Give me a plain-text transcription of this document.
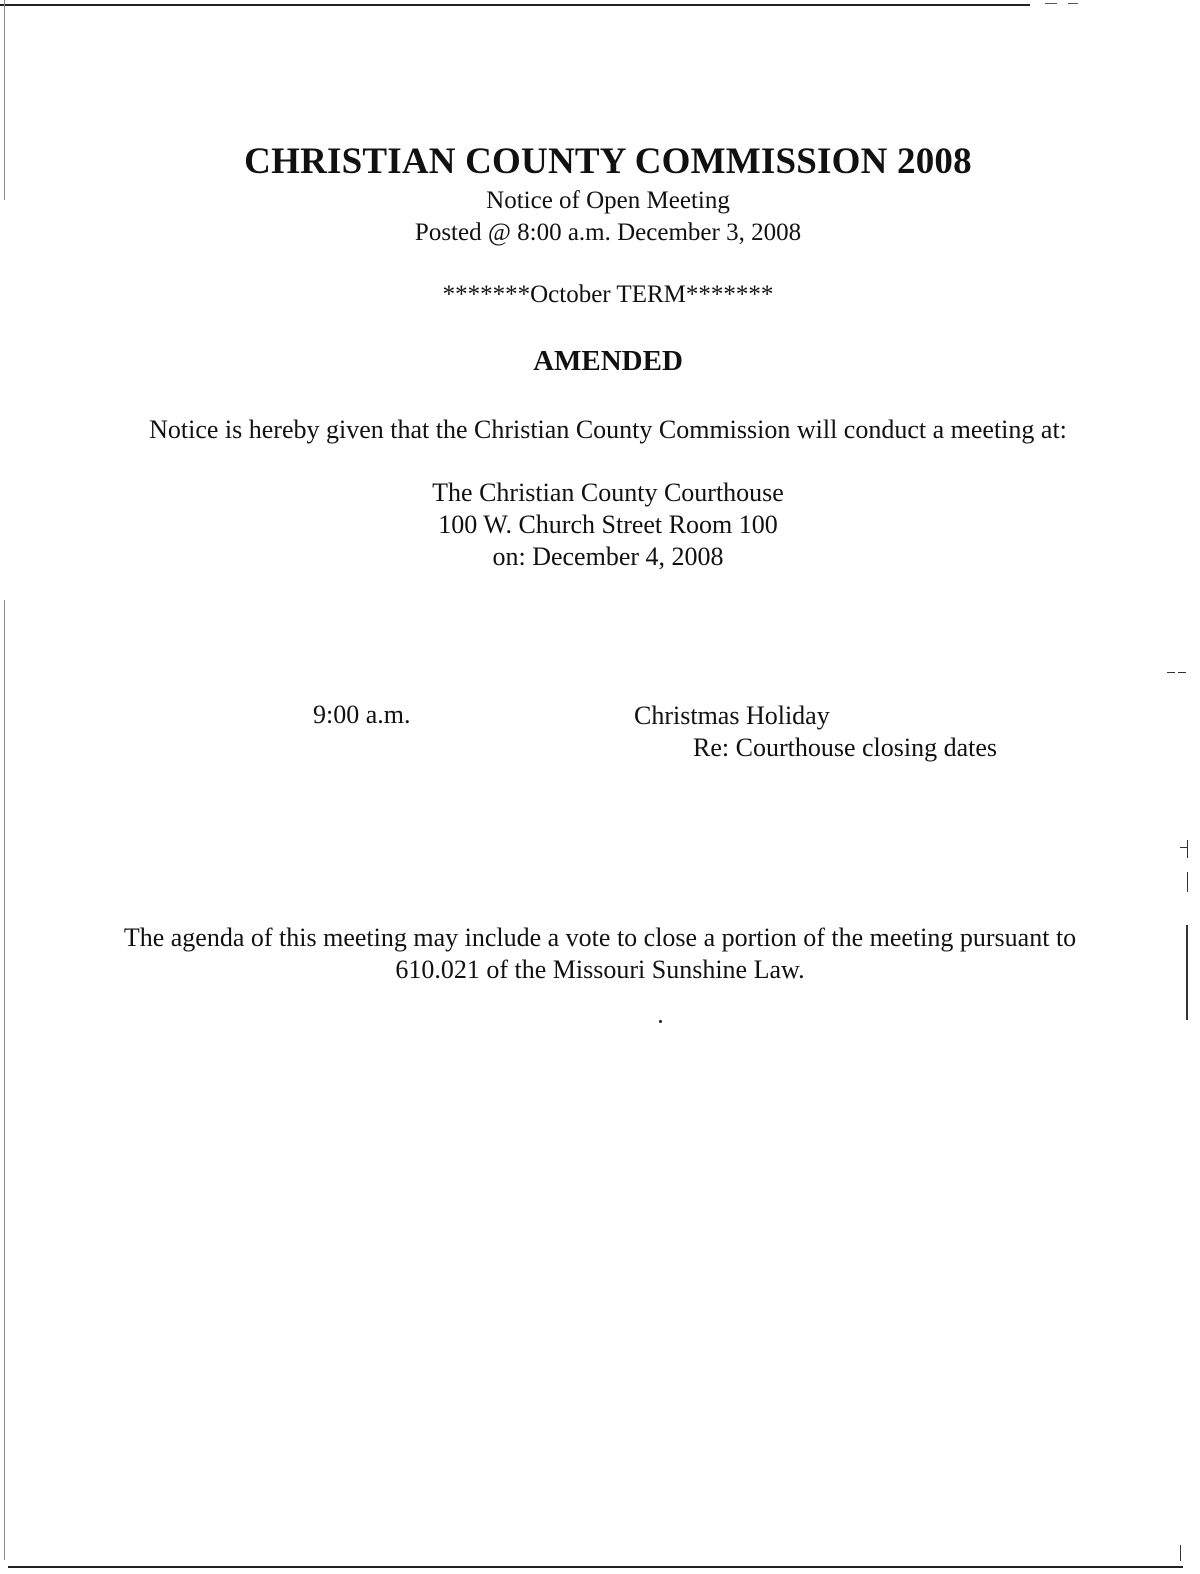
CHRISTIAN COUNTY COMMISSION 2008
Notice of Open Meeting
Posted @ 8:00 a.m. December 3, 2008
*******October TERM*******
AMENDED
Notice is hereby given that the Christian County Commission will conduct a meeting at:
The Christian County Courthouse
100 W. Church Street Room 100
on: December 4, 2008
9:00 a.m.	Christmas Holiday
Re: Courthouse closing dates
The agenda of this meeting may include a vote to close a portion of the meeting pursuant to
610.021 of the Missouri Sunshine Law.
